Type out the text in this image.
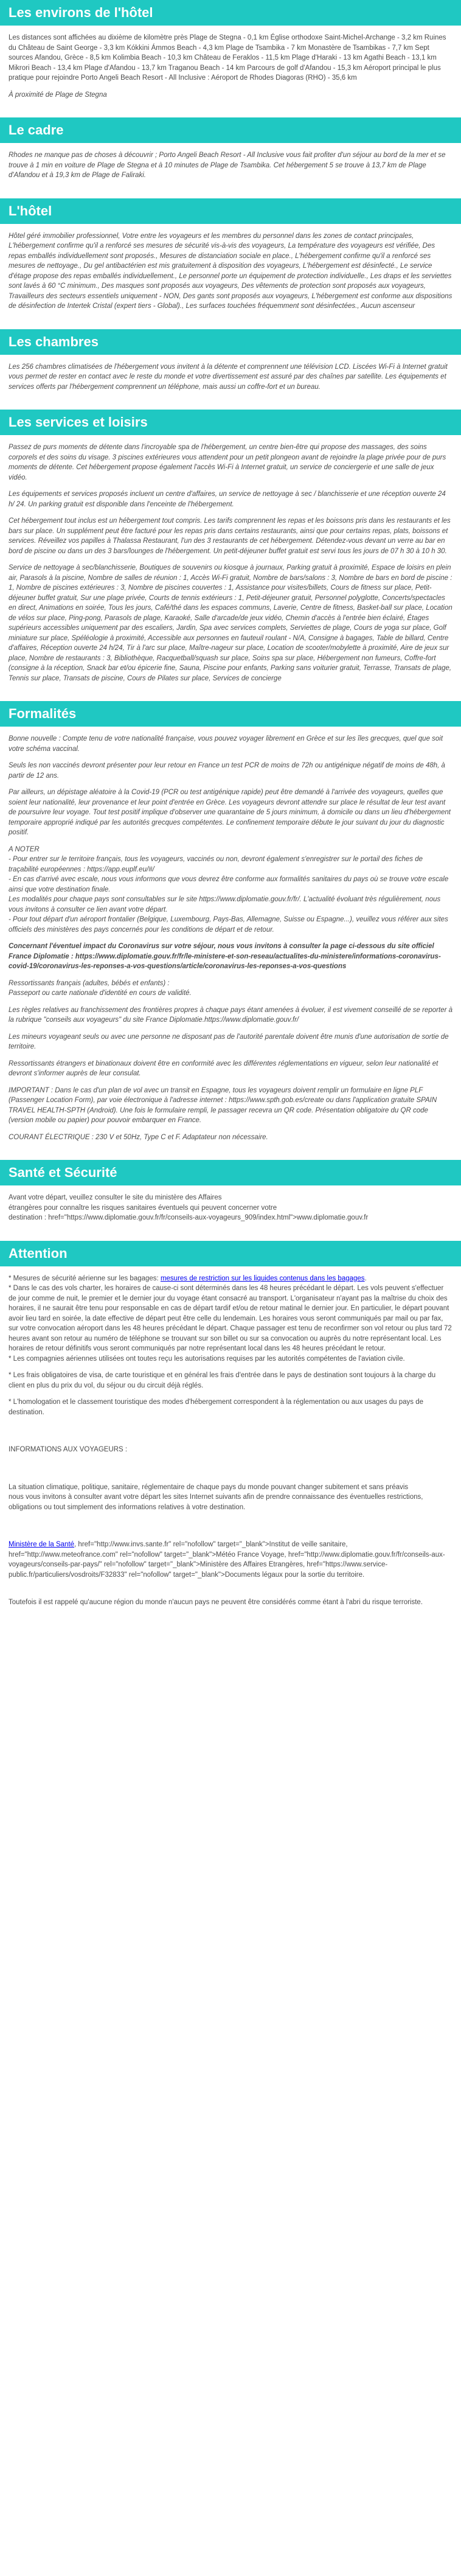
Les environs de l'hôtel

Les distances sont affichées au dixième de kilomètre près Plage de Stegna - 0,1 km Église orthodoxe Saint-Michel-Archange - 3,2 km Ruines du Château de Saint George - 3,3 km Kókkini Ámmos Beach - 4,3 km Plage de Tsambika - 7 km Monastère de Tsambikas - 7,7 km Sept sources Afandou, Grèce - 8,5 km Kolimbia Beach - 10,3 km Château de Feraklos - 11,5 km Plage d'Haraki - 13 km Agathi Beach - 13,1 km Mikrori Beach - 13,4 km Plage d'Afandou - 13,7 km Traganou Beach - 14 km Parcours de golf d'Afandou - 15,3 km Aéroport principal le plus pratique pour rejoindre Porto Angeli Beach Resort - All Inclusive : Aéroport de Rhodes Diagoras (RHO) - 35,6 km

À proximité de Plage de Stegna

Le cadre

Rhodes ne manque pas de choses à découvrir ; Porto Angeli Beach Resort - All Inclusive vous fait profiter d'un séjour au bord de la mer et se trouve à 1 min en voiture de Plage de Stegna et à 10 minutes de Plage de Tsambika. Cet hébergement 5 se trouve à 13,7 km de Plage d'Afandou et à 19,3 km de Plage de Faliraki.

L'hôtel

Hôtel géré immobilier professionnel, Votre entre les voyageurs et les membres du personnel dans les zones de contact principales, L'hébergement confirme qu'il a renforcé ses mesures de sécurité vis-à-vis des voyageurs, La température des voyageurs est vérifiée, Des repas emballés individuellement sont proposés., Mesures de distanciation sociale en place., L'hébergement confirme qu'il a renforcé ses mesures de nettoyage., Du gel antibactérien est mis gratuitement à disposition des voyageurs, L'hébergement est désinfecté., Le service d'étage propose des repas emballés individuellement., Le personnel porte un équipement de protection individuelle., Les draps et les serviettes sont lavés à 60 °C minimum., Des masques sont proposés aux voyageurs, Des vêtements de protection sont proposés aux voyageurs, Travailleurs des secteurs essentiels uniquement - NON, Des gants sont proposés aux voyageurs, L'hébergement est conforme aux dispositions de désinfection de Intertek Cristal (expert tiers - Global)., Les surfaces touchées fréquemment sont désinfectées., Aucun ascenseur

Les chambres

Les 256 chambres climatisées de l'hébergement vous invitent à la détente et comprennent une télévision LCD. Liscées Wi-Fi à Internet gratuit vous permet de rester en contact avec le reste du monde et votre divertissement est assuré par des chaînes par satellite. Les équipements et services offerts par l'hébergement comprennent un téléphone, mais aussi un coffre-fort et un bureau.

Les services et loisirs

Passez de purs moments de détente dans l'incroyable spa de l'hébergement, un centre bien-être qui propose des massages, des soins corporels et des soins du visage. 3 piscines extérieures vous attendent pour un petit plongeon avant de rejoindre la plage privée pour de purs moments de détente. Cet hébergement propose également l'accès Wi-Fi à Internet gratuit, un service de conciergerie et une salle de jeux vidéo.

Les équipements et services proposés incluent un centre d'affaires, un service de nettoyage à sec / blanchisserie et une réception ouverte 24 h/ 24. Un parking gratuit est disponible dans l'enceinte de l'hébergement.

Cet hébergement tout inclus est un hébergement tout compris. Les tarifs comprennent les repas et les boissons pris dans les restaurants et les bars sur place. Un supplément peut être facturé pour les repas pris dans certains restaurants, ainsi que pour certains repas, plats, boissons et services. Réveillez vos papilles à Thalassa Restaurant, l'un des 3 restaurants de cet hébergement. Détendez-vous devant un verre au bar en bord de piscine ou dans un des 3 bars/lounges de l'hébergement. Un petit-déjeuner buffet gratuit est servi tous les jours de 07 h 30 à 10 h 30.

Service de nettoyage à sec/blanchisserie, Boutiques de souvenirs ou kiosque à journaux, Parking gratuit à proximité, Espace de loisirs en plein air, Parasols à la piscine, Nombre de salles de réunion : 1, Accès Wi-Fi gratuit, Nombre de bars/salons : 3, Nombre de bars en bord de piscine : 1, Nombre de piscines extérieures : 3, Nombre de piscines couvertes : 1, Assistance pour visites/billets, Cours de fitness sur place, Petit-déjeuner buffet gratuit, Sur une plage privée, Courts de tennis extérieurs : 1, Petit-déjeuner gratuit, Personnel polyglotte, Concerts/spectacles en direct, Animations en soirée, Tous les jours, Café/thé dans les espaces communs, Laverie, Centre de fitness, Basket-ball sur place, Location de vélos sur place, Ping-pong, Parasols de plage, Karaoké, Salle d'arcade/de jeux vidéo, Chemin d'accès à l'entrée bien éclairé, Étages supérieurs accessibles uniquement par des escaliers, Jardin, Spa avec services complets, Serviettes de plage, Cours de yoga sur place, Golf miniature sur place, Spéléologie à proximité, Accessible aux personnes en fauteuil roulant - N/A, Consigne à bagages, Table de billard, Centre d'affaires, Réception ouverte 24 h/24, Tir à l'arc sur place, Maître-nageur sur place, Location de scooter/mobylette à proximité, Aire de jeux sur place, Nombre de restaurants : 3, Bibliothèque, Racquetball/squash sur place, Soins spa sur place, Hébergement non fumeurs, Coffre-fort (consigne à la réception, Snack bar et/ou épicerie fine, Sauna, Piscine pour enfants, Parking sans voiturier gratuit, Terrasse, Transats de plage, Tennis sur place, Transats de piscine, Cours de Pilates sur place, Services de concierge

Formalités

Bonne nouvelle : Compte tenu de votre nationalité française, vous pouvez voyager librement en Grèce et sur les îles grecques, quel que soit votre schéma vaccinal.

Seuls les non vaccinés devront présenter pour leur retour en France un test PCR de moins de 72h ou antigénique négatif de moins de 48h, à partir de 12 ans.

Par ailleurs, un dépistage aléatoire à la Covid-19 (PCR ou test antigénique rapide) peut être demandé à l'arrivée des voyageurs, quelles que soient leur nationalité, leur provenance et leur point d'entrée en Grèce. Les voyageurs devront attendre sur place le résultat de leur test avant de poursuivre leur voyage. Tout test positif implique d'observer une quarantaine de 5 jours minimum, à domicile ou dans un lieu d'hébergement temporaire approprié indiqué par les autorités grecques compétentes. Le confinement temporaire débute le jour suivant du jour du diagnostic positif.

A NOTER
- Pour entrer sur le territoire français, tous les voyageurs, vaccinés ou non, devront également s'enregistrer sur le portail des fiches de traçabilité européennes : https://app.euplf.eu/#/
- En cas d'arrivé avec escale, nous vous informons que vous devrez être conforme aux formalités sanitaires du pays où se trouve votre escale ainsi que votre destination finale.
Les modalités pour chaque pays sont consultables sur le site https://www.diplomatie.gouv.fr/fr/. L'actualité évoluant très régulièrement, nous vous invitons à consulter ce lien avant votre départ.
- Pour tout départ d'un aéroport frontalier (Belgique, Luxembourg, Pays-Bas, Allemagne, Suisse ou Espagne...), veuillez vous référer aux sites officiels des ministères des pays concernés pour les conditions de départ et de retour.

Concernant l'éventuel impact du Coronavirus sur votre séjour, nous vous invitons à consulter la page ci-dessous du site officiel France Diplomatie : https://www.diplomatie.gouv.fr/fr/le-ministere-et-son-reseau/actualites-du-ministere/informations-coronavirus-covid-19/coronavirus-les-reponses-a-vos-questions/article/coronavirus-les-reponses-a-vos-questions

Ressortissants français (adultes, bébés et enfants) :
Passeport ou carte nationale d'identité en cours de validité.

Les règles relatives au franchissement des frontières propres à chaque pays étant amenées à évoluer, il est vivement conseillé de se reporter à la rubrique "conseils aux voyageurs" du site France Diplomatie.https://www.diplomatie.gouv.fr/

Les mineurs voyageant seuls ou avec une personne ne disposant pas de l'autorité parentale doivent être munis d'une autorisation de sortie de territoire.

Ressortissants étrangers et binationaux doivent être en conformité avec les différentes réglementations en vigueur, selon leur nationalité et devront s'informer auprès de leur consulat.

IMPORTANT : Dans le cas d'un plan de vol avec un transit en Espagne, tous les voyageurs doivent remplir un formulaire en ligne PLF (Passenger Location Form), par voie électronique à l'adresse internet : https://www.spth.gob.es/create ou dans l'application gratuite SPAIN TRAVEL HEALTH-SPTH (Android). Une fois le formulaire rempli, le passager recevra un QR code. Présentation obligatoire du QR code (version mobile ou papier) pour pouvoir embarquer en France.

COURANT ÉLECTRIQUE : 230 V et 50Hz, Type C et F. Adaptateur non nécessaire.

Santé et Sécurité

Avant votre départ, veuillez consulter le site du ministère des Affaires
étrangères pour connaître les risques sanitaires éventuels qui peuvent concerner votre
destination : href="https://www.diplomatie.gouv.fr/fr/conseils-aux-voyageurs_909/index.html">www.diplomatie.gouv.fr

Attention

* Mesures de sécurité aérienne sur les bagages: mesures de restriction sur les liquides contenus dans les bagages.
* Dans le cas des vols charter, les horaires de cause-ci sont déterminés dans les 48 heures précédant le départ. Les vols peuvent s'effectuer de jour comme de nuit, le premier et le dernier jour du voyage étant consacré au transport. L'organisateur n'ayant pas la maîtrise du choix des horaires, il ne saurait être tenu pour responsable en cas de départ tardif et/ou de retour matinal le dernier jour. En particulier, le départ pouvant avoir lieu tard en soirée, la date effective de départ peut être celle du lendemain. Les horaires vous seront communiqués par mail ou par fax, sur votre convocation aéroport dans les 48 heures précédant le départ. Chaque passager est tenu de reconfirmer son vol retour ou plus tard 72 heures avant son retour au numéro de téléphone se trouvant sur son billet ou sur sa convocation ou auprès du notre représentant local. Les horaires de retour définitifs vous seront communiqués par notre représentant local dans les 48 heures précédant le retour.
* Les compagnies aériennes utilisées ont toutes reçu les autorisations requises par les autorités compétentes de l'aviation civile.

* Les frais obligatoires de visa, de carte touristique et en général les frais d'entrée dans le pays de destination sont toujours à la charge du client en plus du prix du vol, du séjour ou du circuit déjà réglés.

* L'homologation et le classement touristique des modes d'hébergement correspondent à la réglementation ou aux usages du pays de destination.

INFORMATIONS AUX VOYAGEURS :

La situation climatique, politique, sanitaire, réglementaire de chaque pays du monde pouvant changer subitement et sans préavis
nous vous invitons à consulter avant votre départ les sites Internet suivants afin de prendre connaissance des éventuelles restrictions, obligations ou tout simplement des informations relatives à votre destination.

Ministère de la Santé, href="http://www.invs.sante.fr" rel="nofollow" target="_blank">Institut de veille sanitaire, href="http://www.meteofrance.com" rel="nofollow" target="_blank">Météo France Voyage, href="http://www.diplomatie.gouv.fr/fr/conseils-aux-voyageurs/conseils-par-pays/" rel="nofollow" target="_blank">Ministère des Affaires Etrangères, href="https://www.service-public.fr/particuliers/vosdroits/F32833" rel="nofollow" target="_blank">Documents légaux pour la sortie du territoire.

Toutefois il est rappelé qu'aucune région du monde n'aucun pays ne peuvent être considérés comme étant à l'abri du risque terroriste.
